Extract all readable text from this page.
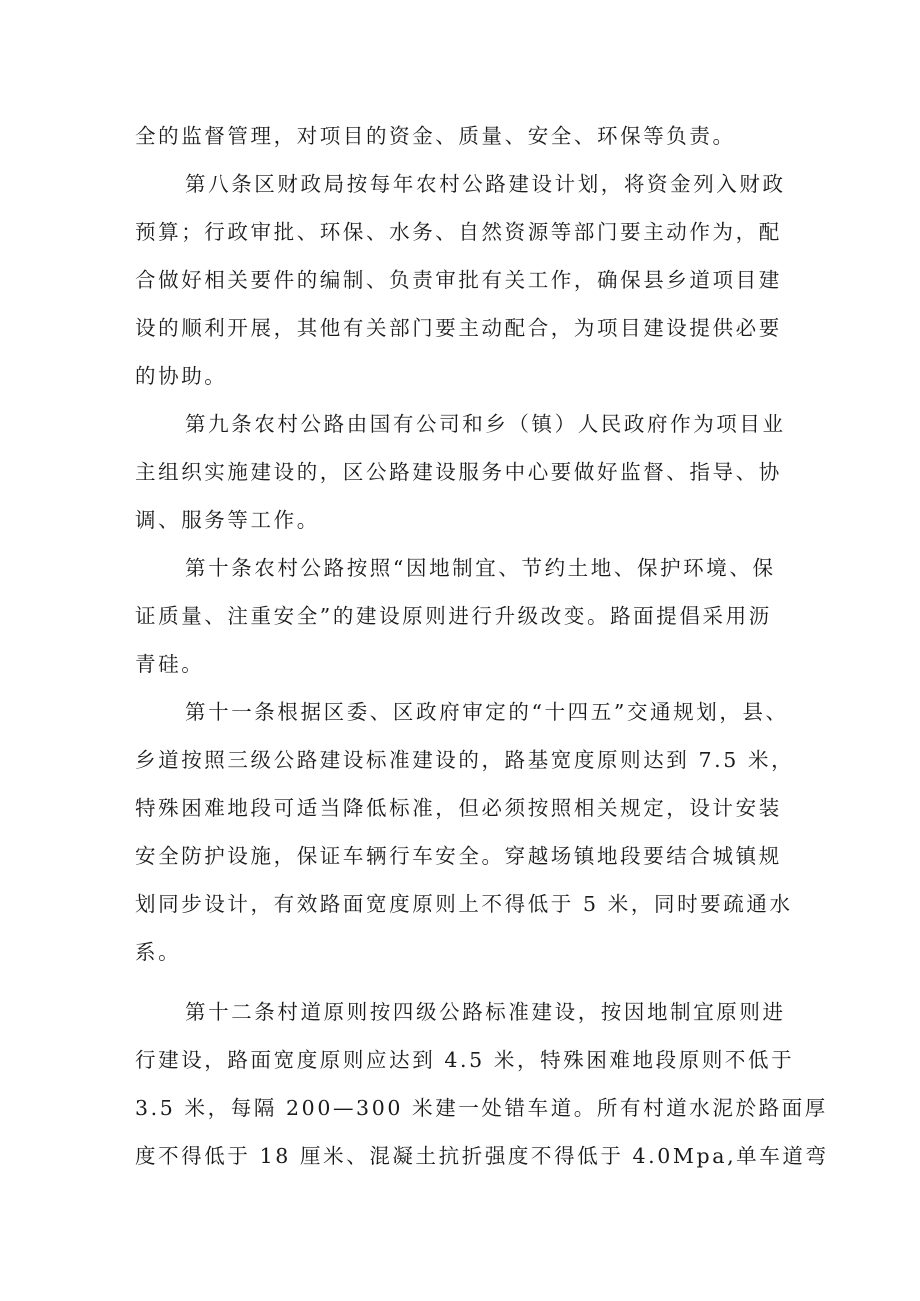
全的监督管理，对项目的资金、质量、安全、环保等负责。
第八条区财政局按每年农村公路建设计划，将资金列入财政
预算；行政审批、环保、水务、自然资源等部门要主动作为，配
合做好相关要件的编制、负责审批有关工作，确保县乡道项目建
设的顺利开展，其他有关部门要主动配合，为项目建设提供必要
的协助。
第九条农村公路由国有公司和乡（镇）人民政府作为项目业
主组织实施建设的，区公路建设服务中心要做好监督、指导、协
调、服务等工作。
第十条农村公路按照“因地制宜、节约土地、保护环境、保
证质量、注重安全”的建设原则进行升级改变。路面提倡采用沥
青硅。
第十一条根据区委、区政府审定的“十四五”交通规划，县、
乡道按照三级公路建设标准建设的，路基宽度原则达到 7.5 米，
特殊困难地段可适当降低标准，但必须按照相关规定，设计安装
安全防护设施，保证车辆行车安全。穿越场镇地段要结合城镇规
划同步设计，有效路面宽度原则上不得低于 5 米，同时要疏通水
系。
第十二条村道原则按四级公路标准建设，按因地制宜原则进
行建设，路面宽度原则应达到 4.5 米，特殊困难地段原则不低于
3.5 米，每隔 200—300 米建一处错车道。所有村道水泥於路面厚
度不得低于 18 厘米、混凝土抗折强度不得低于 4.0Mpa,单车道弯
